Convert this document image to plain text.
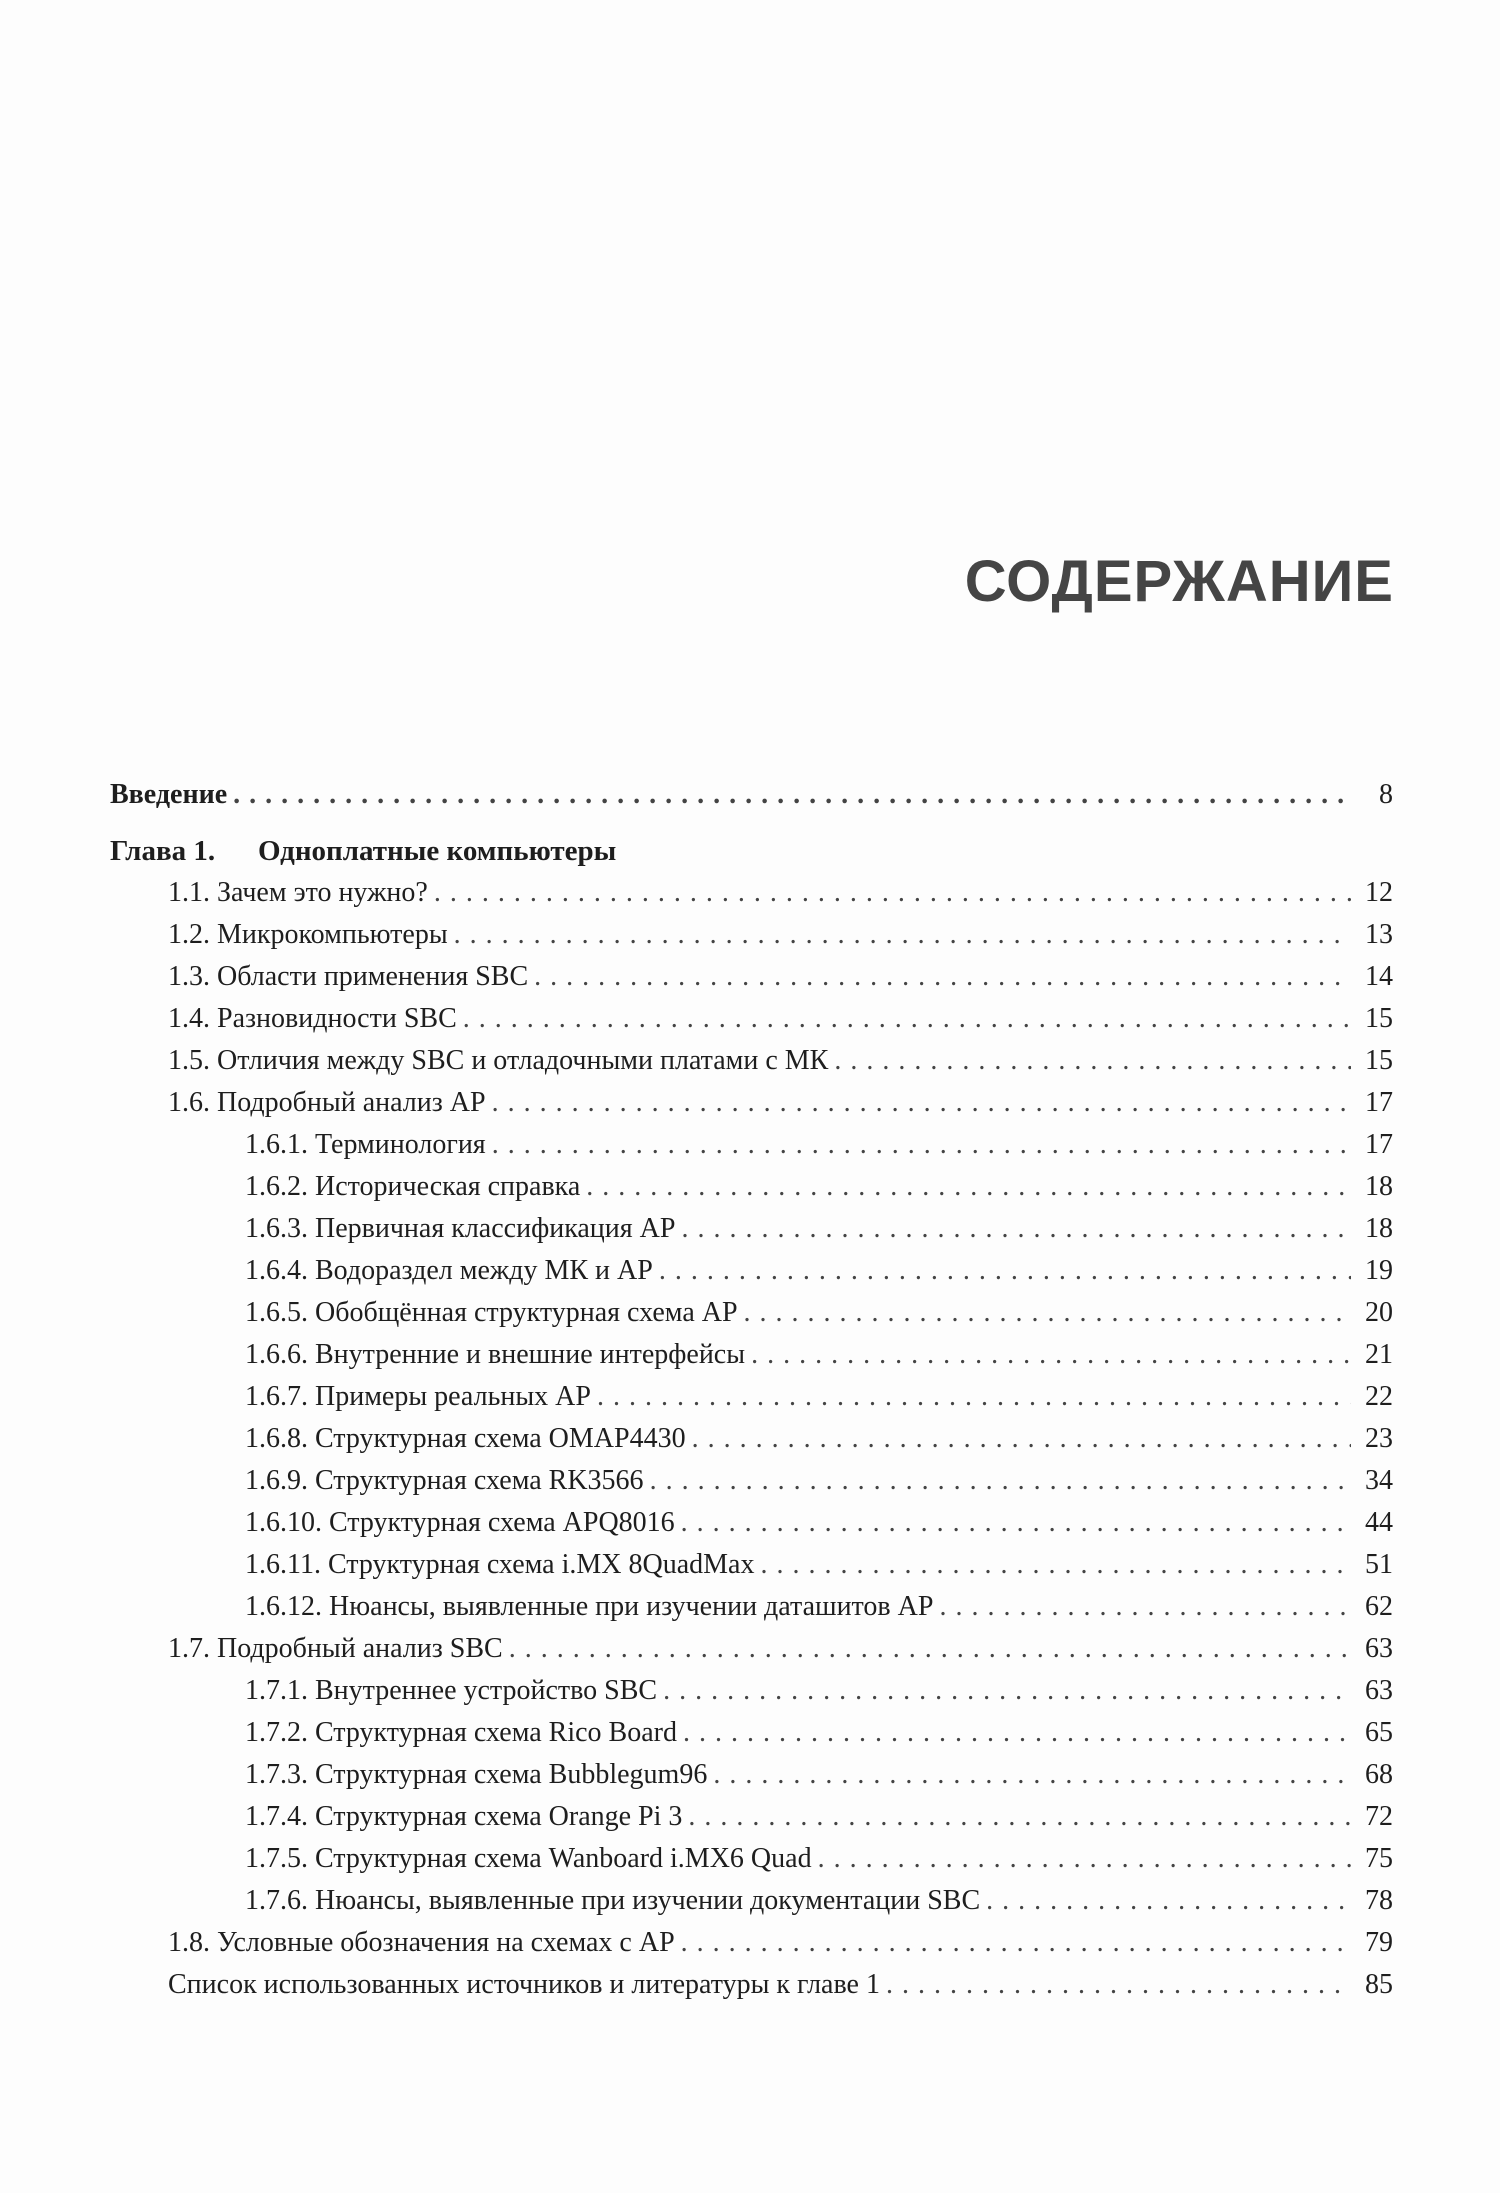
СОДЕРЖАНИЕ
Введение . . .	8
Глава 1.	Одноплатные компьютеры
1.1. Зачем это нужно? . . .	12
1.2. Микрокомпьютеры . . .	13
1.3. Области применения SBC . . .	14
1.4. Разновидности SBC . . .	15
1.5. Отличия между SBC и отладочными платами с МК . . .	15
1.6. Подробный анализ АР . . .	17
1.6.1. Терминология . . .	17
1.6.2. Историческая справка . . .	18
1.6.3. Первичная классификация АР . . .	18
1.6.4. Водораздел между МК и АР . . .	19
1.6.5. Обобщённая структурная схема АР . . .	20
1.6.6. Внутренние и внешние интерфейсы . . .	21
1.6.7. Примеры реальных АР . . .	22
1.6.8. Структурная схема OMAP4430 . . .	23
1.6.9. Структурная схема RK3566 . . .	34
1.6.10. Структурная схема APQ8016 . . .	44
1.6.11. Структурная схема i.MX 8QuadMax . . .	51
1.6.12. Нюансы, выявленные при изучении даташитов АР . . .	62
1.7. Подробный анализ SBC . . .	63
1.7.1. Внутреннее устройство SBC . . .	63
1.7.2. Структурная схема Rico Board . . .	65
1.7.3. Структурная схема Bubblegum96 . . .	68
1.7.4. Структурная схема Orange Pi 3 . . .	72
1.7.5. Структурная схема Wanboard i.MX6 Quad . . .	75
1.7.6. Нюансы, выявленные при изучении документации SBC . . .	78
1.8. Условные обозначения на схемах с АР . . .	79
Список использованных источников и литературы к главе 1 . . .	85
